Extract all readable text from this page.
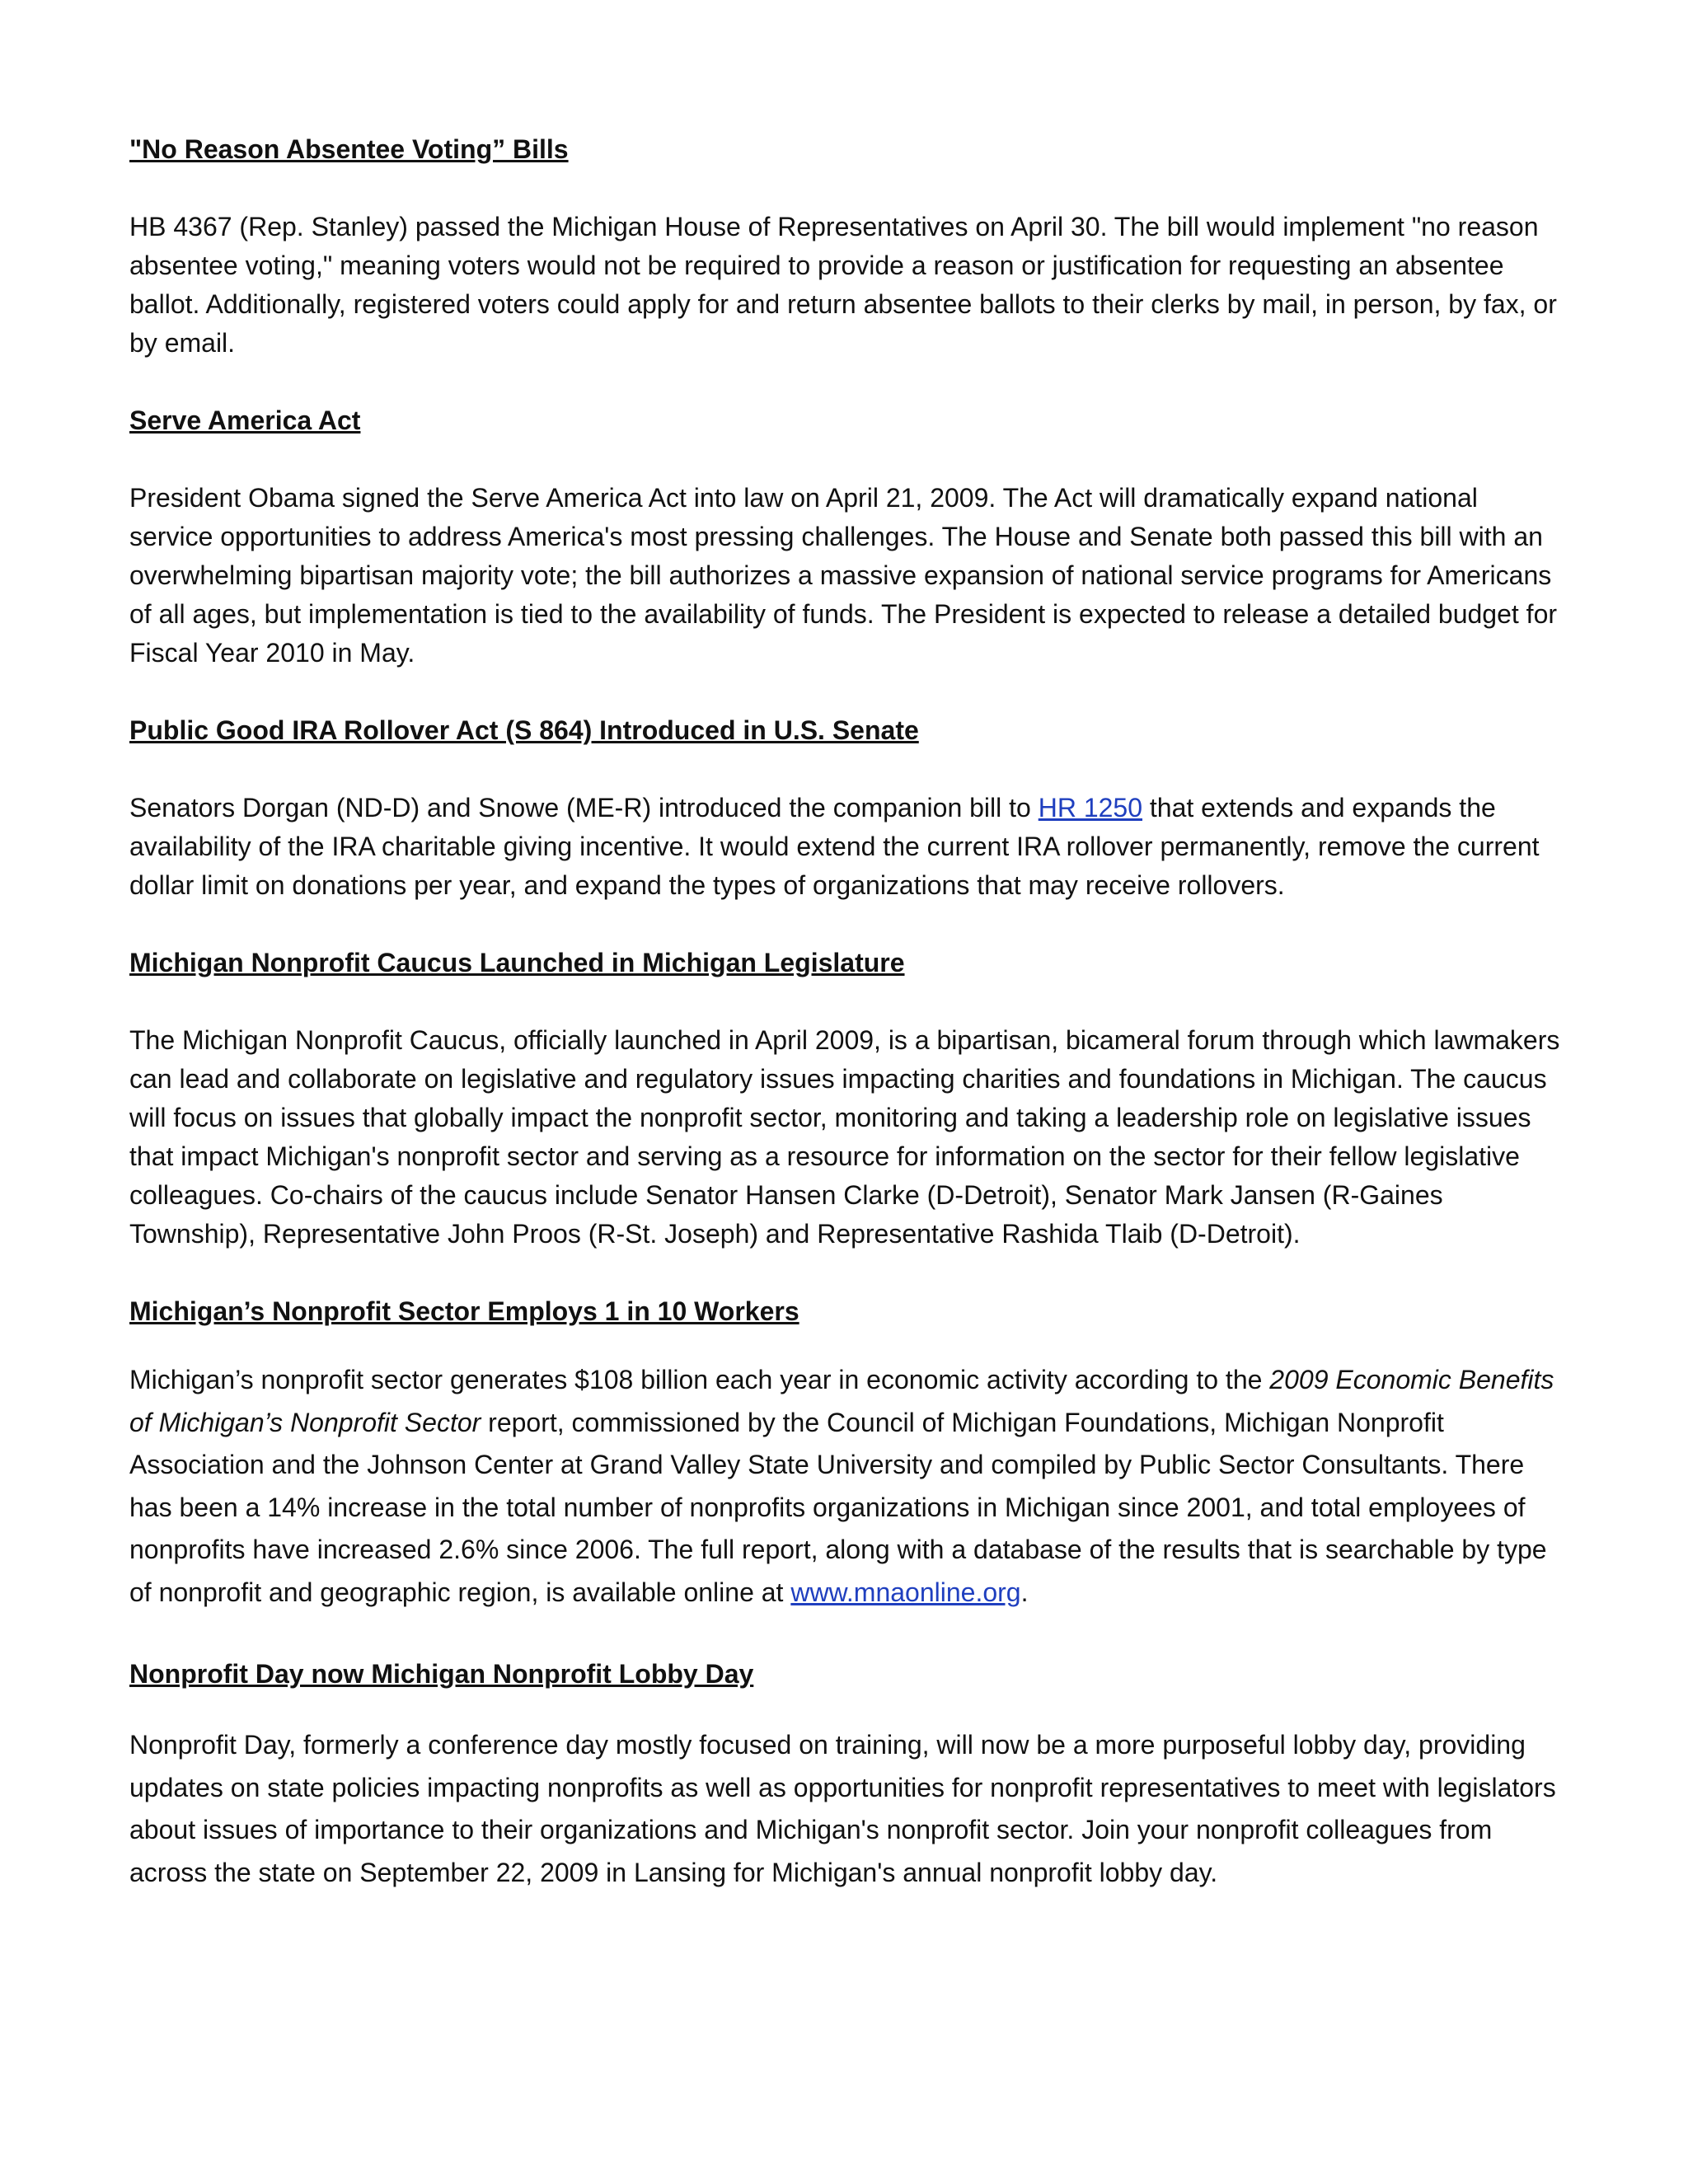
"No Reason Absentee Voting” Bills

HB 4367 (Rep. Stanley) passed the Michigan House of Representatives on April 30. The bill would implement "no reason absentee voting," meaning voters would not be required to provide a reason or justification for requesting an absentee ballot. Additionally, registered voters could apply for and return absentee ballots to their clerks by mail, in person, by fax, or by email.

Serve America Act

President Obama signed the Serve America Act into law on April 21, 2009. The Act will dramatically expand national service opportunities to address America's most pressing challenges. The House and Senate both passed this bill with an overwhelming bipartisan majority vote; the bill authorizes a massive expansion of national service programs for Americans of all ages, but implementation is tied to the availability of funds. The President is expected to release a detailed budget for Fiscal Year 2010 in May.

Public Good IRA Rollover Act (S 864) Introduced in U.S. Senate

Senators Dorgan (ND-D) and Snowe (ME-R) introduced the companion bill to HR 1250 that extends and expands the availability of the IRA charitable giving incentive. It would extend the current IRA rollover permanently, remove the current dollar limit on donations per year, and expand the types of organizations that may receive rollovers.

Michigan Nonprofit Caucus Launched in Michigan Legislature

The Michigan Nonprofit Caucus, officially launched in April 2009, is a bipartisan, bicameral forum through which lawmakers can lead and collaborate on legislative and regulatory issues impacting charities and foundations in Michigan. The caucus will focus on issues that globally impact the nonprofit sector, monitoring and taking a leadership role on legislative issues that impact Michigan's nonprofit sector and serving as a resource for information on the sector for their fellow legislative colleagues. Co-chairs of the caucus include Senator Hansen Clarke (D-Detroit), Senator Mark Jansen (R-Gaines Township), Representative John Proos (R-St. Joseph) and Representative Rashida Tlaib (D-Detroit).

Michigan’s Nonprofit Sector Employs 1 in 10 Workers

Michigan’s nonprofit sector generates $108 billion each year in economic activity according to the 2009 Economic Benefits of Michigan’s Nonprofit Sector report, commissioned by the Council of Michigan Foundations, Michigan Nonprofit Association and the Johnson Center at Grand Valley State University and compiled by Public Sector Consultants. There has been a 14% increase in the total number of nonprofits organizations in Michigan since 2001, and total employees of nonprofits have increased 2.6% since 2006. The full report, along with a database of the results that is searchable by type of nonprofit and geographic region, is available online at www.mnaonline.org.

Nonprofit Day now Michigan Nonprofit Lobby Day

Nonprofit Day, formerly a conference day mostly focused on training, will now be a more purposeful lobby day, providing updates on state policies impacting nonprofits as well as opportunities for nonprofit representatives to meet with legislators about issues of importance to their organizations and Michigan's nonprofit sector. Join your nonprofit colleagues from across the state on September 22, 2009 in Lansing for Michigan's annual nonprofit lobby day.
